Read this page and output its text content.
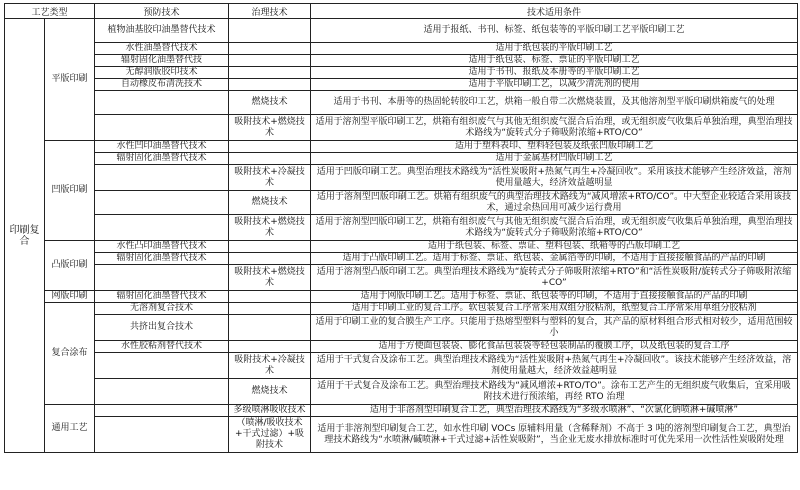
工艺类型		预防技术	治理技术	技术适用条件
印刷复合	平版印刷	植物油基胶印油墨替代技术		适用于报纸、书刊、标签、纸包装等的平版印刷工艺平版印刷工艺
		水性油墨替代技术		适用于纸包装的平版印刷工艺
		辐射固化油墨替代技		适用于纸包装、标签、票证的平版印刷工艺
		无醇润版胶印技术		适用于书刊、报纸及本册等的平版印刷工艺
		自动橡皮布清洗技术		适用于平版印刷工艺，以减少清洗剂的使用
			燃烧技术	适用于书刊、本册等的热固轮转胶印工艺，烘箱一般自带二次燃烧装置，及其他溶剂型平版印刷烘箱废气的处理
			吸附技术+燃烧技术	适用于溶剂型平版印刷工艺，烘箱有组织废气与其他无组织废气混合后治理，或无组织废气收集后单独治理，典型治理技术路线为“旋转式分子筛吸附浓缩+RTO/CO”
	凹版印刷	水性凹印油墨替代技术		适用于塑料表印、塑料轻包装及纸张凹版印刷工艺
		辐射固化油墨替代技术		适用于金属基材凹版印刷工艺
			吸附技术+冷凝技术	适用于凹版印刷工艺。典型治理技术路线为“活性炭吸附+热氮气再生+冷凝回收”。采用该技术能够产生经济效益，溶剂使用量越大，经济效益越明显
			燃烧技术	适用于溶剂型凹版印刷工艺。烘箱有组织废气的典型治理技术路线为“减风增浓+RTO/CO”。中大型企业较适合采用该技术，通过余热回用可减少运行费用
			吸附技术+燃烧技术	适用于溶剂型凹版印刷工艺，烘箱有组织废气与其他无组织废气混合后治理，或无组织废气收集后单独治理，典型治理技术路线为“旋转式分子筛吸附浓缩+RTO/CO”
	凸版印刷	水性凸印油墨替代技术		适用于纸包装、标签、票证、塑料包装、纸箱等的凸版印刷工艺
		辐射固化油墨替代技术		适用于凸版印刷工艺。适用于标签、票证、纸包装、金属箔等的印刷，不适用于直接接触食品的产品的印刷
			吸附技术+燃烧技术	适用于溶剂型凸版印刷工艺。典型治理技术路线为“旋转式分子筛吸附浓缩+RTO”和“活性炭吸附/旋转式分子筛吸附浓缩+CO”
	网版印刷	辐射固化油墨替代技术		适用于网版印刷工艺。适用于标签、票证、纸包装等的印刷，不适用于直接接触食品的产品的印刷
	复合涂布	无溶剂复合技术		适用于印刷工业的复合工序。软包装复合工序常采用双组分胶粘剂，纸塑复合工序常采用单组分胶粘剂
		共挤出复合技术		适用于印刷工业的复合膜生产工序。只能用于热熔型塑料与塑料的复合，其产品的原材料组合形式相对较少，适用范围较小
		水性胶粘剂替代技术		适用于方便面包装袋、膨化食品包装袋等轻包装制品的覆膜工序，以及纸包装的复合工序
			吸附技术+冷凝技术	适用于干式复合及涂布工艺。典型治理技术路线为“活性炭吸附+热氮气再生+冷凝回收”。该技术能够产生经济效益，溶剂使用量越大，经济效益越明显
			燃烧技术	适用于干式复合及涂布工艺。典型治理技术路线为“减风增浓+RTO/TO”。涂布工艺产生的无组织废气收集后，宜采用吸附技术进行预浓缩，再经 RTO 治理
	通用工艺		多级喷淋吸收技术	适用于非溶剂型印刷复合工艺，典型治理技术路线为“多级水喷淋”、“次氯化钠喷淋+碱喷淋”
			（喷淋/吸收技术+干式过滤）+吸附技术	适用于非溶剂型印刷复合工艺，如水性印刷 VOCs 原辅料用量（含稀释剂）不高于 3 吨的溶剂型印刷复合工艺，典型治理技术路线为“水喷淋/碱喷淋+干式过滤+活性炭吸附”，当企业无废水排放标准时可优先采用一次性活性炭吸附处理
